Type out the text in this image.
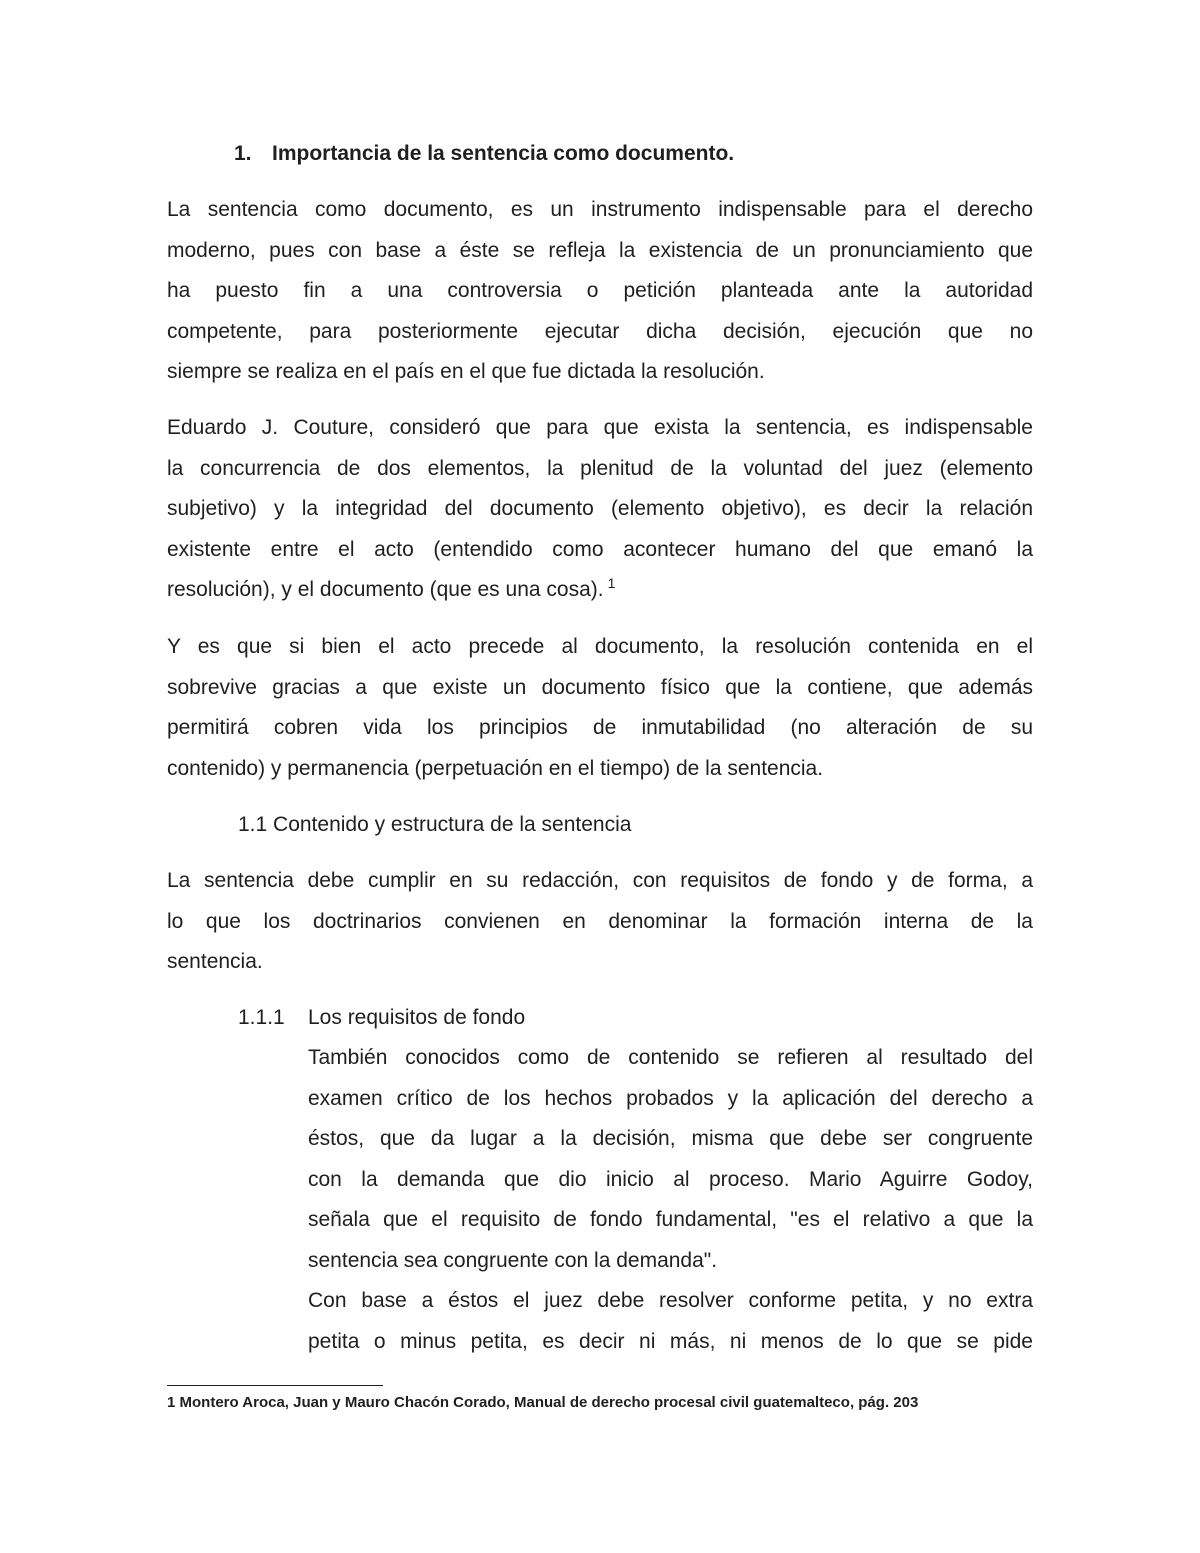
1. Importancia de la sentencia como documento.
La sentencia como documento, es un instrumento indispensable para el derecho
moderno, pues con base a éste se refleja la existencia de un pronunciamiento que
ha puesto fin a una controversia o petición planteada ante la autoridad
competente, para posteriormente ejecutar dicha decisión, ejecución que no
siempre se realiza en el país en el que fue dictada la resolución.
Eduardo J. Couture, consideró que para que exista la sentencia, es indispensable
la concurrencia de dos elementos, la plenitud de la voluntad del juez (elemento
subjetivo) y la integridad del documento (elemento objetivo), es decir la relación
existente entre el acto (entendido como acontecer humano del que emanó la
resolución), y el documento (que es una cosa). $^1$
Y es que si bien el acto precede al documento, la resolución contenida en el
sobrevive gracias a que existe un documento físico que la contiene, que además
permitirá cobren vida los principios de inmutabilidad (no alteración de su
contenido) y permanencia (perpetuación en el tiempo) de la sentencia.
1.1 Contenido y estructura de la sentencia
La sentencia debe cumplir en su redacción, con requisitos de fondo y de forma, a
lo que los doctrinarios convienen en denominar la formación interna de la
sentencia.
1.1.1 Los requisitos de fondo
También conocidos como de contenido se refieren al resultado del
examen crítico de los hechos probados y la aplicación del derecho a
éstos, que da lugar a la decisión, misma que debe ser congruente
con la demanda que dio inicio al proceso. Mario Aguirre Godoy,
señala que el requisito de fondo fundamental, "es el relativo a que la
sentencia sea congruente con la demanda".
Con base a éstos el juez debe resolver conforme petita, y no extra
petita o minus petita, es decir ni más, ni menos de lo que se pide
1 Montero Aroca, Juan y Mauro Chacón Corado, Manual de derecho procesal civil guatemalteco, pág. 203
